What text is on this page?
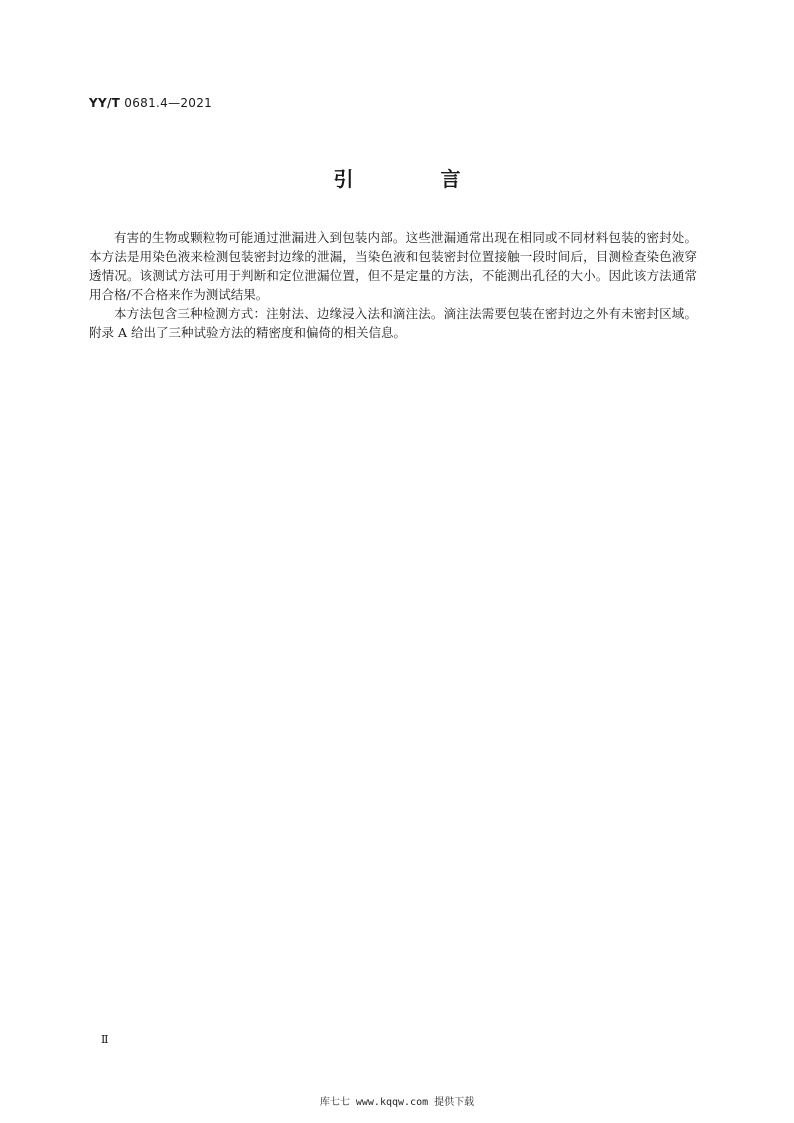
YY/T 0681.4—2021
引 言

有害的生物或颗粒物可能通过泄漏进入到包装内部。这些泄漏通常出现在相同或不同材料包装的密封处。本方法是用染色液来检测包装密封边缘的泄漏，当染色液和包装密封位置接触一段时间后，目测检查染色液穿透情况。该测试方法可用于判断和定位泄漏位置，但不是定量的方法，不能测出孔径的大小。因此该方法通常用合格/不合格来作为测试结果。

本方法包含三种检测方式：注射法、边缘浸入法和滴注法。滴注法需要包装在密封边之外有未密封区域。附录 A 给出了三种试验方法的精密度和偏倚的相关信息。

Ⅱ
库七七 www.kqqw.com 提供下载
